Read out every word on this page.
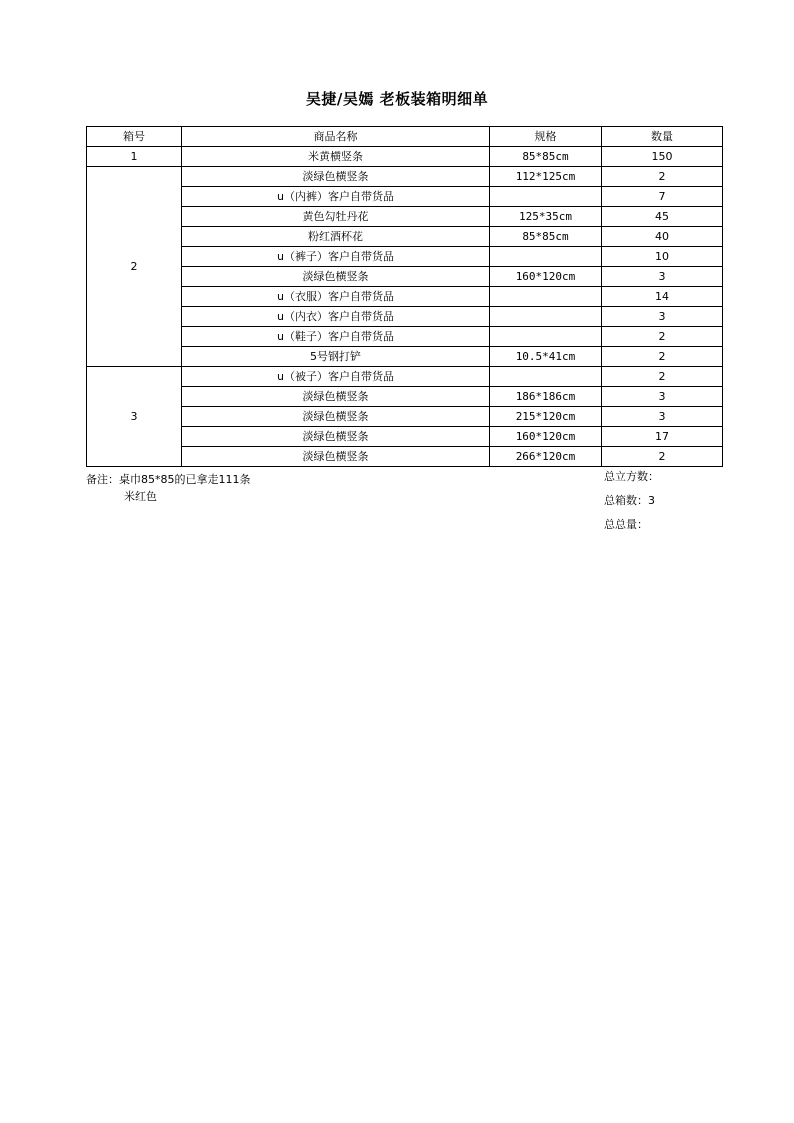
吴捷/吴嫣 老板装箱明细单
箱号	商品名称	规格	数量
1	米黄横竖条	85*85cm	150
2	淡绿色横竖条	112*125cm	2
	u（内裤）客户自带货品		7
	黄色勾牡丹花	125*35cm	45
	粉红酒杯花	85*85cm	40
	u（裤子）客户自带货品		10
	淡绿色横竖条	160*120cm	3
	u（衣服）客户自带货品		14
	u（内衣）客户自带货品		3
	u（鞋子）客户自带货品		2
	5号钢打铲	10.5*41cm	2
3	u（被子）客户自带货品		2
	淡绿色横竖条	186*186cm	3
	淡绿色横竖条	215*120cm	3
	淡绿色横竖条	160*120cm	17
	淡绿色横竖条	266*120cm	2
备注：桌巾85*85的已拿走111条
米红色
总立方数：
总箱数：3
总总量：
